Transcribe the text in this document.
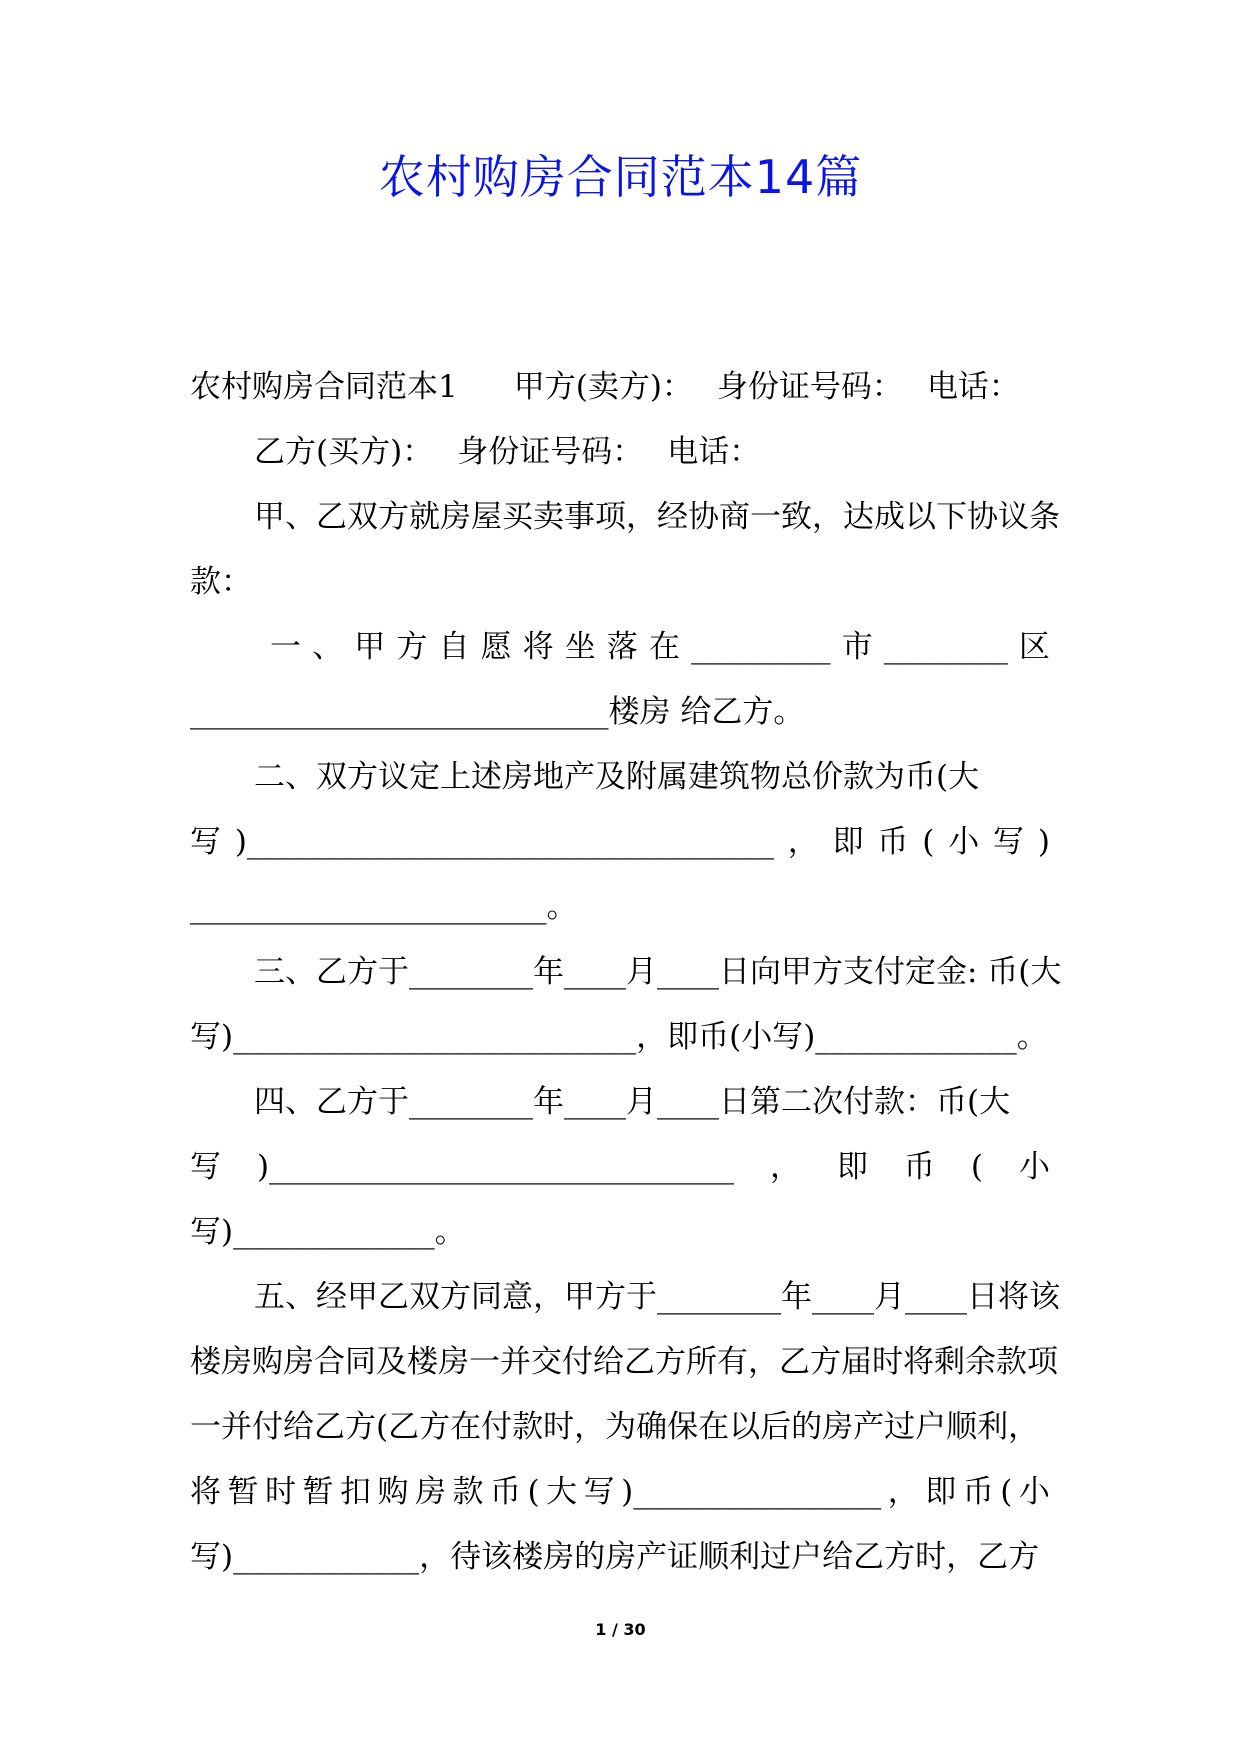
农村购房合同范本14篇
农村购房合同范本1 甲方(卖方)： 身份证号码： 电话：
乙方(买方)： 身份证号码： 电话：
甲、乙双方就房屋买卖事项，经协商一致，达成以下协议条
款：
一 、 甲 方 自 愿 将 坐 落 在 _________ 市 ________ 区
___________________________楼房 给乙方。
二、双方议定上述房地产及附属建筑物总价款为币(大
写 )__________________________________ ， 即 币 ( 小 写 )
_______________________。
三、乙方于________年____月____日向甲方支付定金: 币(大
写)__________________________，即币(小写)_____________。
四、乙方于________年____月____日第二次付款：币(大
写 )______________________________ ， 即 币 ( 小
写)_____________。
五、经甲乙双方同意，甲方于________年____月____日将该
楼房购房合同及楼房一并交付给乙方所有，乙方届时将剩余款项
一并付给乙方(乙方在付款时，为确保在以后的房产过户顺利，
将 暂 时 暂 扣 购 房 款 币 ( 大 写 )________________ ， 即 币 ( 小
写)____________，待该楼房的房产证顺利过户给乙方时，乙方
1 / 30
